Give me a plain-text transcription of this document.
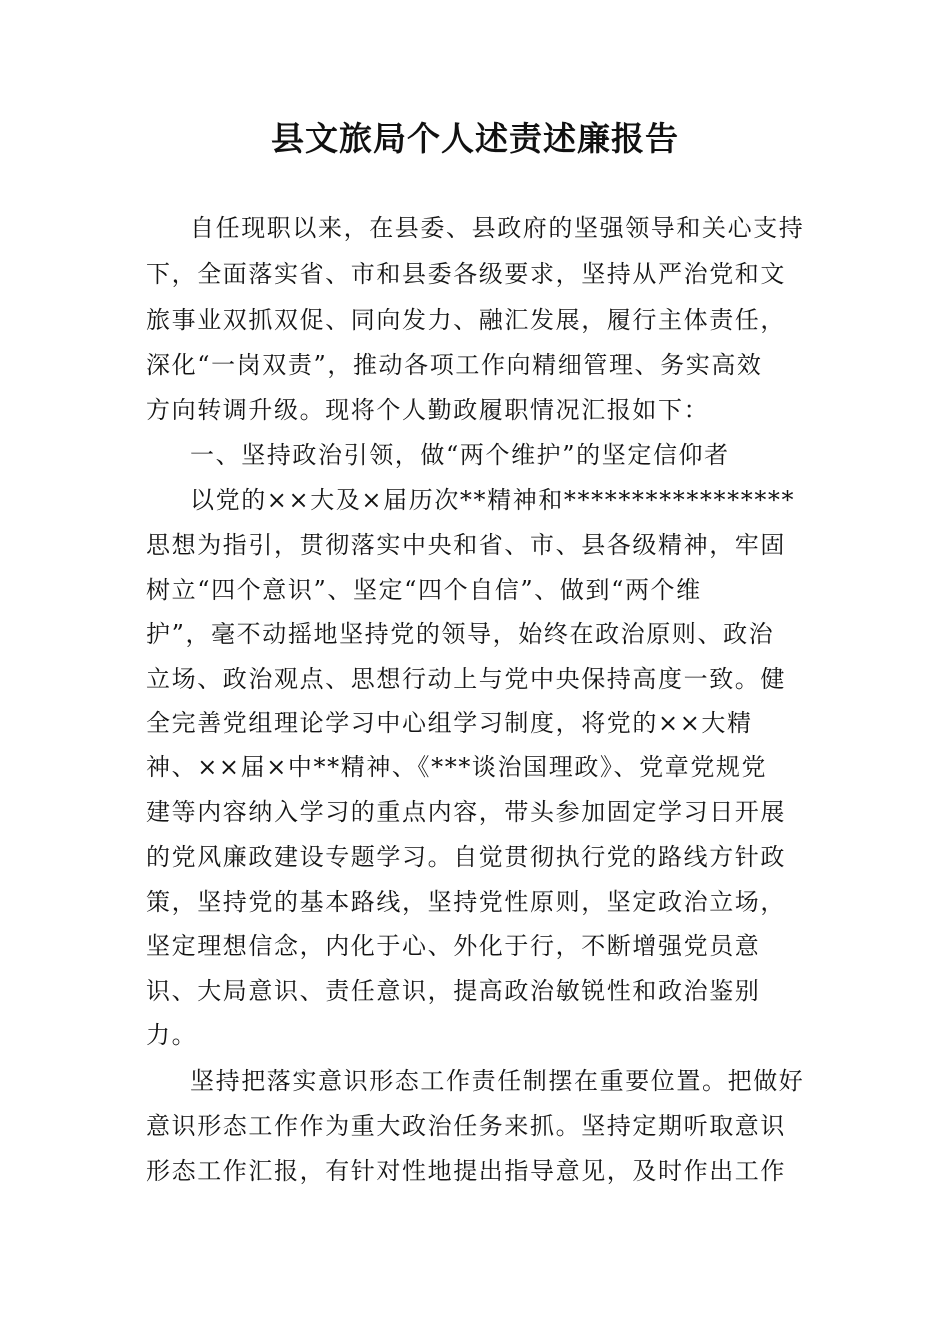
县文旅局个人述责述廉报告
自任现职以来，在县委、县政府的坚强领导和关心支持
下，全面落实省、市和县委各级要求，坚持从严治党和文
旅事业双抓双促、同向发力、融汇发展，履行主体责任，
深化“一岗双责”，推动各项工作向精细管理、务实高效
方向转调升级。现将个人勤政履职情况汇报如下：
一、坚持政治引领，做“两个维护”的坚定信仰者
以党的××大及×届历次**精神和*****************
思想为指引，贯彻落实中央和省、市、县各级精神，牢固
树立“四个意识”、坚定“四个自信”、做到“两个维
护”，毫不动摇地坚持党的领导，始终在政治原则、政治
立场、政治观点、思想行动上与党中央保持高度一致。健
全完善党组理论学习中心组学习制度，将党的××大精
神、××届×中**精神、《***谈治国理政》、党章党规党
建等内容纳入学习的重点内容，带头参加固定学习日开展
的党风廉政建设专题学习。自觉贯彻执行党的路线方针政
策，坚持党的基本路线，坚持党性原则，坚定政治立场，
坚定理想信念，内化于心、外化于行，不断增强党员意
识、大局意识、责任意识，提高政治敏锐性和政治鉴别
力。
坚持把落实意识形态工作责任制摆在重要位置。把做好
意识形态工作作为重大政治任务来抓。坚持定期听取意识
形态工作汇报，有针对性地提出指导意见，及时作出工作
